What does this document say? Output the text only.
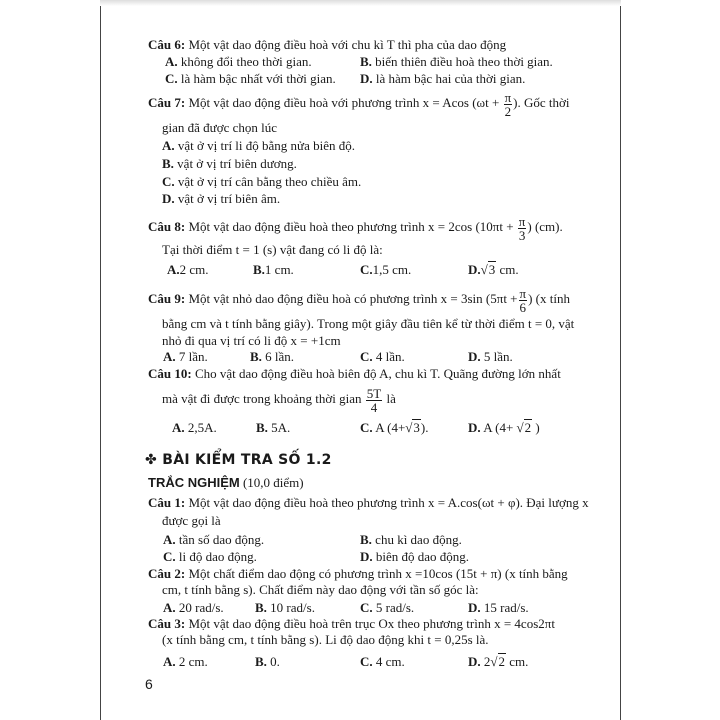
Câu 6: Một vật dao động điều hoà với chu kì T thì pha của dao động
A. không đổi theo thời gian.	B. biến thiên điều hoà theo thời gian.
C. là hàm bậc nhất với thời gian. D. là hàm bậc hai của thời gian.
Câu 7: Một vật dao động điều hoà với phương trình x = Acos ($\omega t + \frac{\pi}{2}$ ). Gốc thời
gian đã được chọn lúc
A. vật ở vị trí li độ bằng nửa biên độ.
B. vật ở vị trí biên dương.
C. vật ở vị trí cân bằng theo chiều âm.
D. vật ở vị trí biên âm.
Câu 8: Một vật dao động điều hoà theo phương trình x = 2cos ($10\pi t + \frac{\pi}{3}$ ) (cm).
Tại thời điểm t = 1 (s) vật đang có li độ là:
A.2 cm.	B.1 cm.	C.1,5 cm.	D.√3 cm.
Câu 9: Một vật nhỏ dao động điều hoà có phương trình x = 3sin ($5\pi t + \frac{\pi}{6}$ ) (x tính
bằng cm và t tính bằng giây). Trong một giây đầu tiên kể từ thời điểm t = 0, vật
nhỏ đi qua vị trí có li độ x = +1cm
A. 7 lần.	B. 6 lần.	C. 4 lần.	D. 5 lần.
Câu 10: Cho vật dao động điều hoà biên độ A, chu kì T. Quãng đường lớn nhất
mà vật đi được trong khoảng thời gian $\frac{5T}{4}$ là
A. 2,5A.	B. 5A.	C. A (4+√3).	D. A (4+ √2 )
✤ BÀI KIỂM TRA SỐ 1.2
TRẮC NGHIỆM (10,0 điểm)
Câu 1: Một vật dao động điều hoà theo phương trình x = A.cos(ωt + φ). Đại lượng x
được gọi là
A. tần số dao động.	B. chu kì dao động.
C. li độ dao động.	D. biên độ dao động.
Câu 2: Một chất điểm dao động có phương trình x =10cos (15t + π) (x tính bằng
cm, t tính bằng s). Chất điểm này dao động với tần số góc là:
A. 20 rad/s. B. 10 rad/s.	C. 5 rad/s.	D. 15 rad/s.
Câu 3: Một vật dao động điều hoà trên trục Ox theo phương trình x = 4cos2πt
(x tính bằng cm, t tính bằng s). Li độ dao động khi t = 0,25s là.
A. 2 cm.	B. 0.	C. 4 cm.	D. 2√2 cm.
6
